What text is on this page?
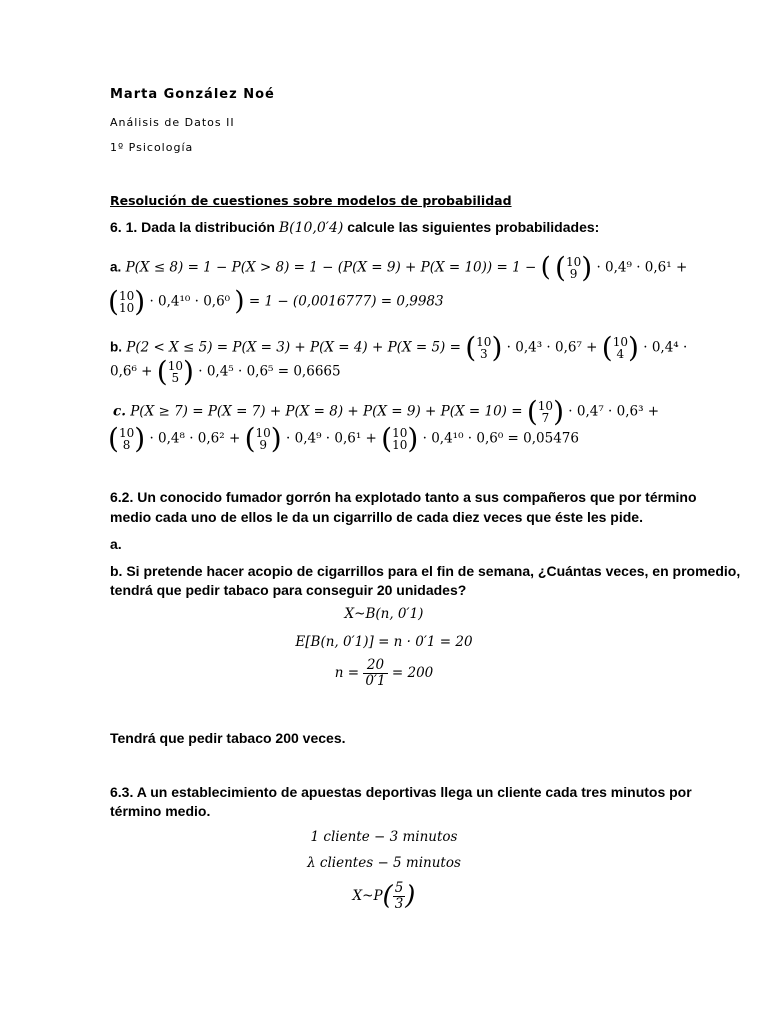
Marta González Noé
Análisis de Datos II
1º Psicología
Resolución de cuestiones sobre modelos de probabilidad
6. 1. Dada la distribución B(10,0′4) calcule las siguientes probabilidades:
a. P(X ≤ 8) = 1 − P(X > 8) = 1 − (P(X = 9) + P(X = 10)) = 1 − ( ( 10
9 ) · 0,4⁹ · 0,6¹ +
( 10
10 ) · 0,4¹⁰ · 0,6⁰ ) = 1 − (0,0016777) = 0,9983
b. P(2 < X ≤ 5) = P(X = 3) + P(X = 4) + P(X = 5) = ( 10
3 ) · 0,4³ · 0,6⁷ + ( 10
4 ) · 0,4⁴ ·
0,6⁶ + ( 10
5 ) · 0,4⁵ · 0,6⁵ = 0,6665
c. P(X ≥ 7) = P(X = 7) + P(X = 8) + P(X = 9) + P(X = 10) = ( 10
7 ) · 0,4⁷ · 0,6³ +
( 10
8 ) · 0,4⁸ · 0,6² + ( 10
9 ) · 0,4⁹ · 0,6¹ + ( 10
10 ) · 0,4¹⁰ · 0,6⁰ = 0,05476
6.2. Un conocido fumador gorrón ha explotado tanto a sus compañeros que por término
medio cada uno de ellos le da un cigarrillo de cada diez veces que éste les pide.
a.
b. Si pretende hacer acopio de cigarrillos para el fin de semana, ¿Cuántas veces, en promedio,
tendrá que pedir tabaco para conseguir 20 unidades?
X~B(n, 0′1)
E[B(n, 0′1)] = n · 0′1 = 20
$n = \frac{20}{0'1} = 200$
Tendrá que pedir tabaco 200 veces.
6.3. A un establecimiento de apuestas deportivas llega un cliente cada tres minutos por
término medio.
1 cliente − 3 minutos
λ clientes − 5 minutos
X~P( $\frac{5}{3}$ )
